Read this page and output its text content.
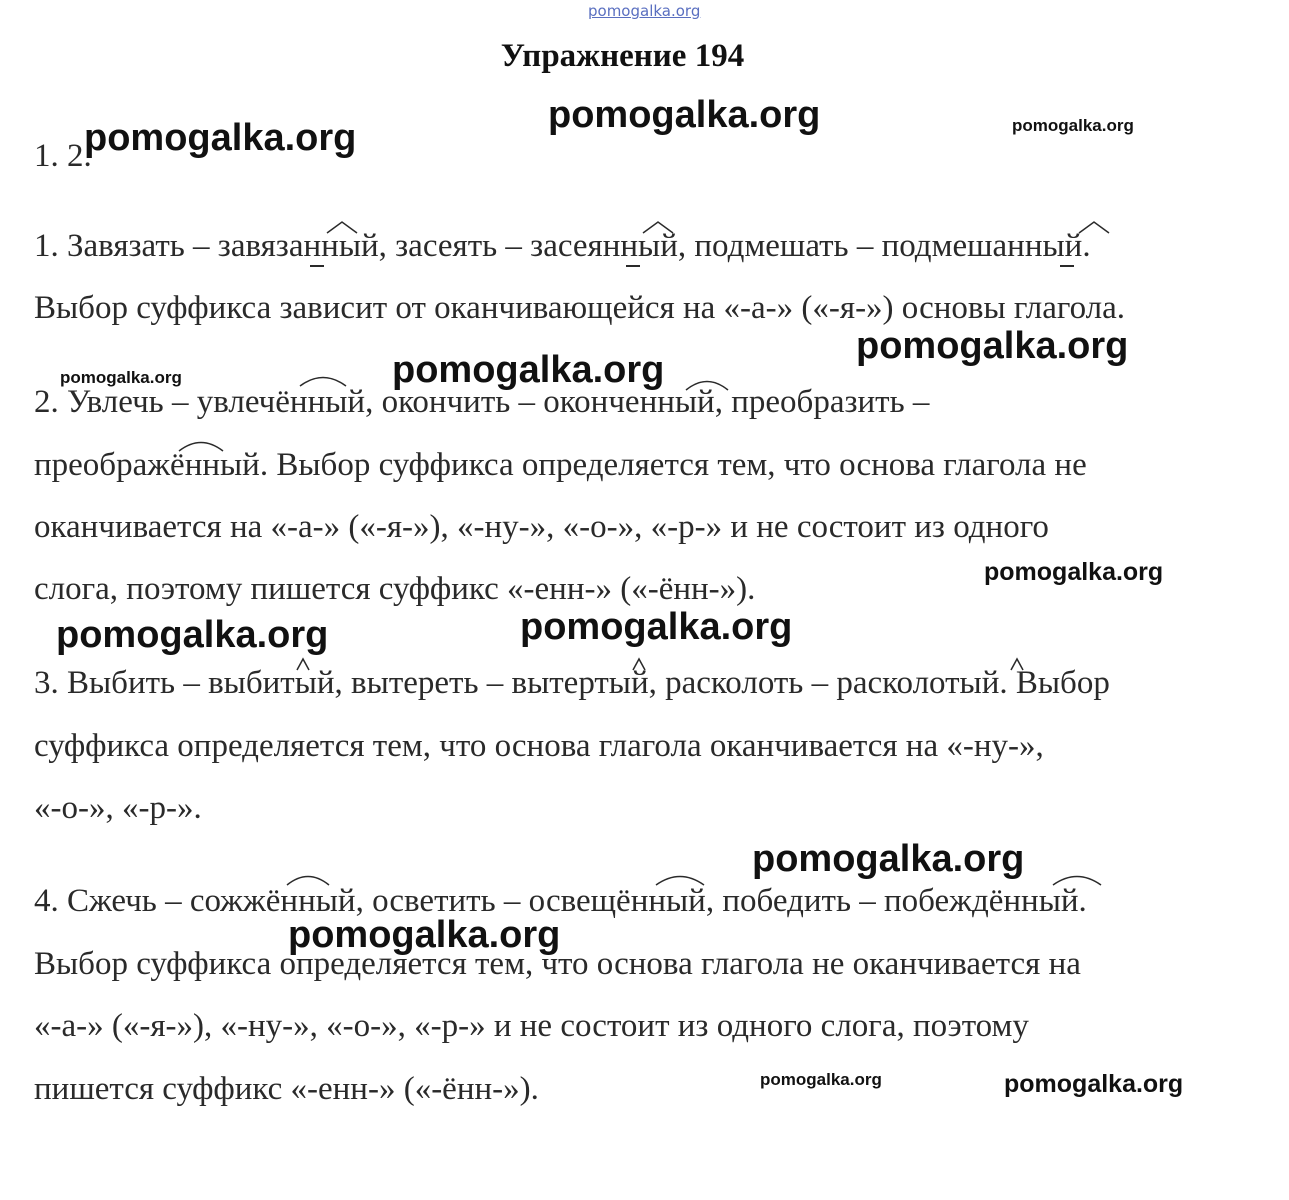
pomogalka.org
Упражнение 194
1. 2.
1. Завязать – завязанный, засеять – засеянный, подмешать – подмешанный.
Выбор суффикса зависит от оканчивающейся на «-а-» («-я-») основы глагола.
2. Увлечь – увлечённый, окончить – оконченный, преобразить –
преображённый. Выбор суффикса определяется тем, что основа глагола не
оканчивается на «-а-» («-я-»), «-ну-», «-о-», «-р-» и не состоит из одного
слога, поэтому пишется суффикс «-енн-» («-ённ-»).
3. Выбить – выбитый, вытереть – вытертый, расколоть – расколотый. Выбор
суффикса определяется тем, что основа глагола оканчивается на «-ну-»,
«-о-», «-р-».
4. Сжечь – сожжённый, осветить – освещённый, победить – побеждённый.
Выбор суффикса определяется тем, что основа глагола не оканчивается на
«-а-» («-я-»), «-ну-», «-о-», «-р-» и не состоит из одного слога, поэтому
пишется суффикс «-енн-» («-ённ-»).
pomogalka.org	pomogalka.org
pomogalka.org
pomogalka.org
pomogalka.org
pomogalka.org
pomogalka.org
pomogalka.org
pomogalka.org
pomogalka.org
pomogalka.org
pomogalka.org	pomogalka.org
